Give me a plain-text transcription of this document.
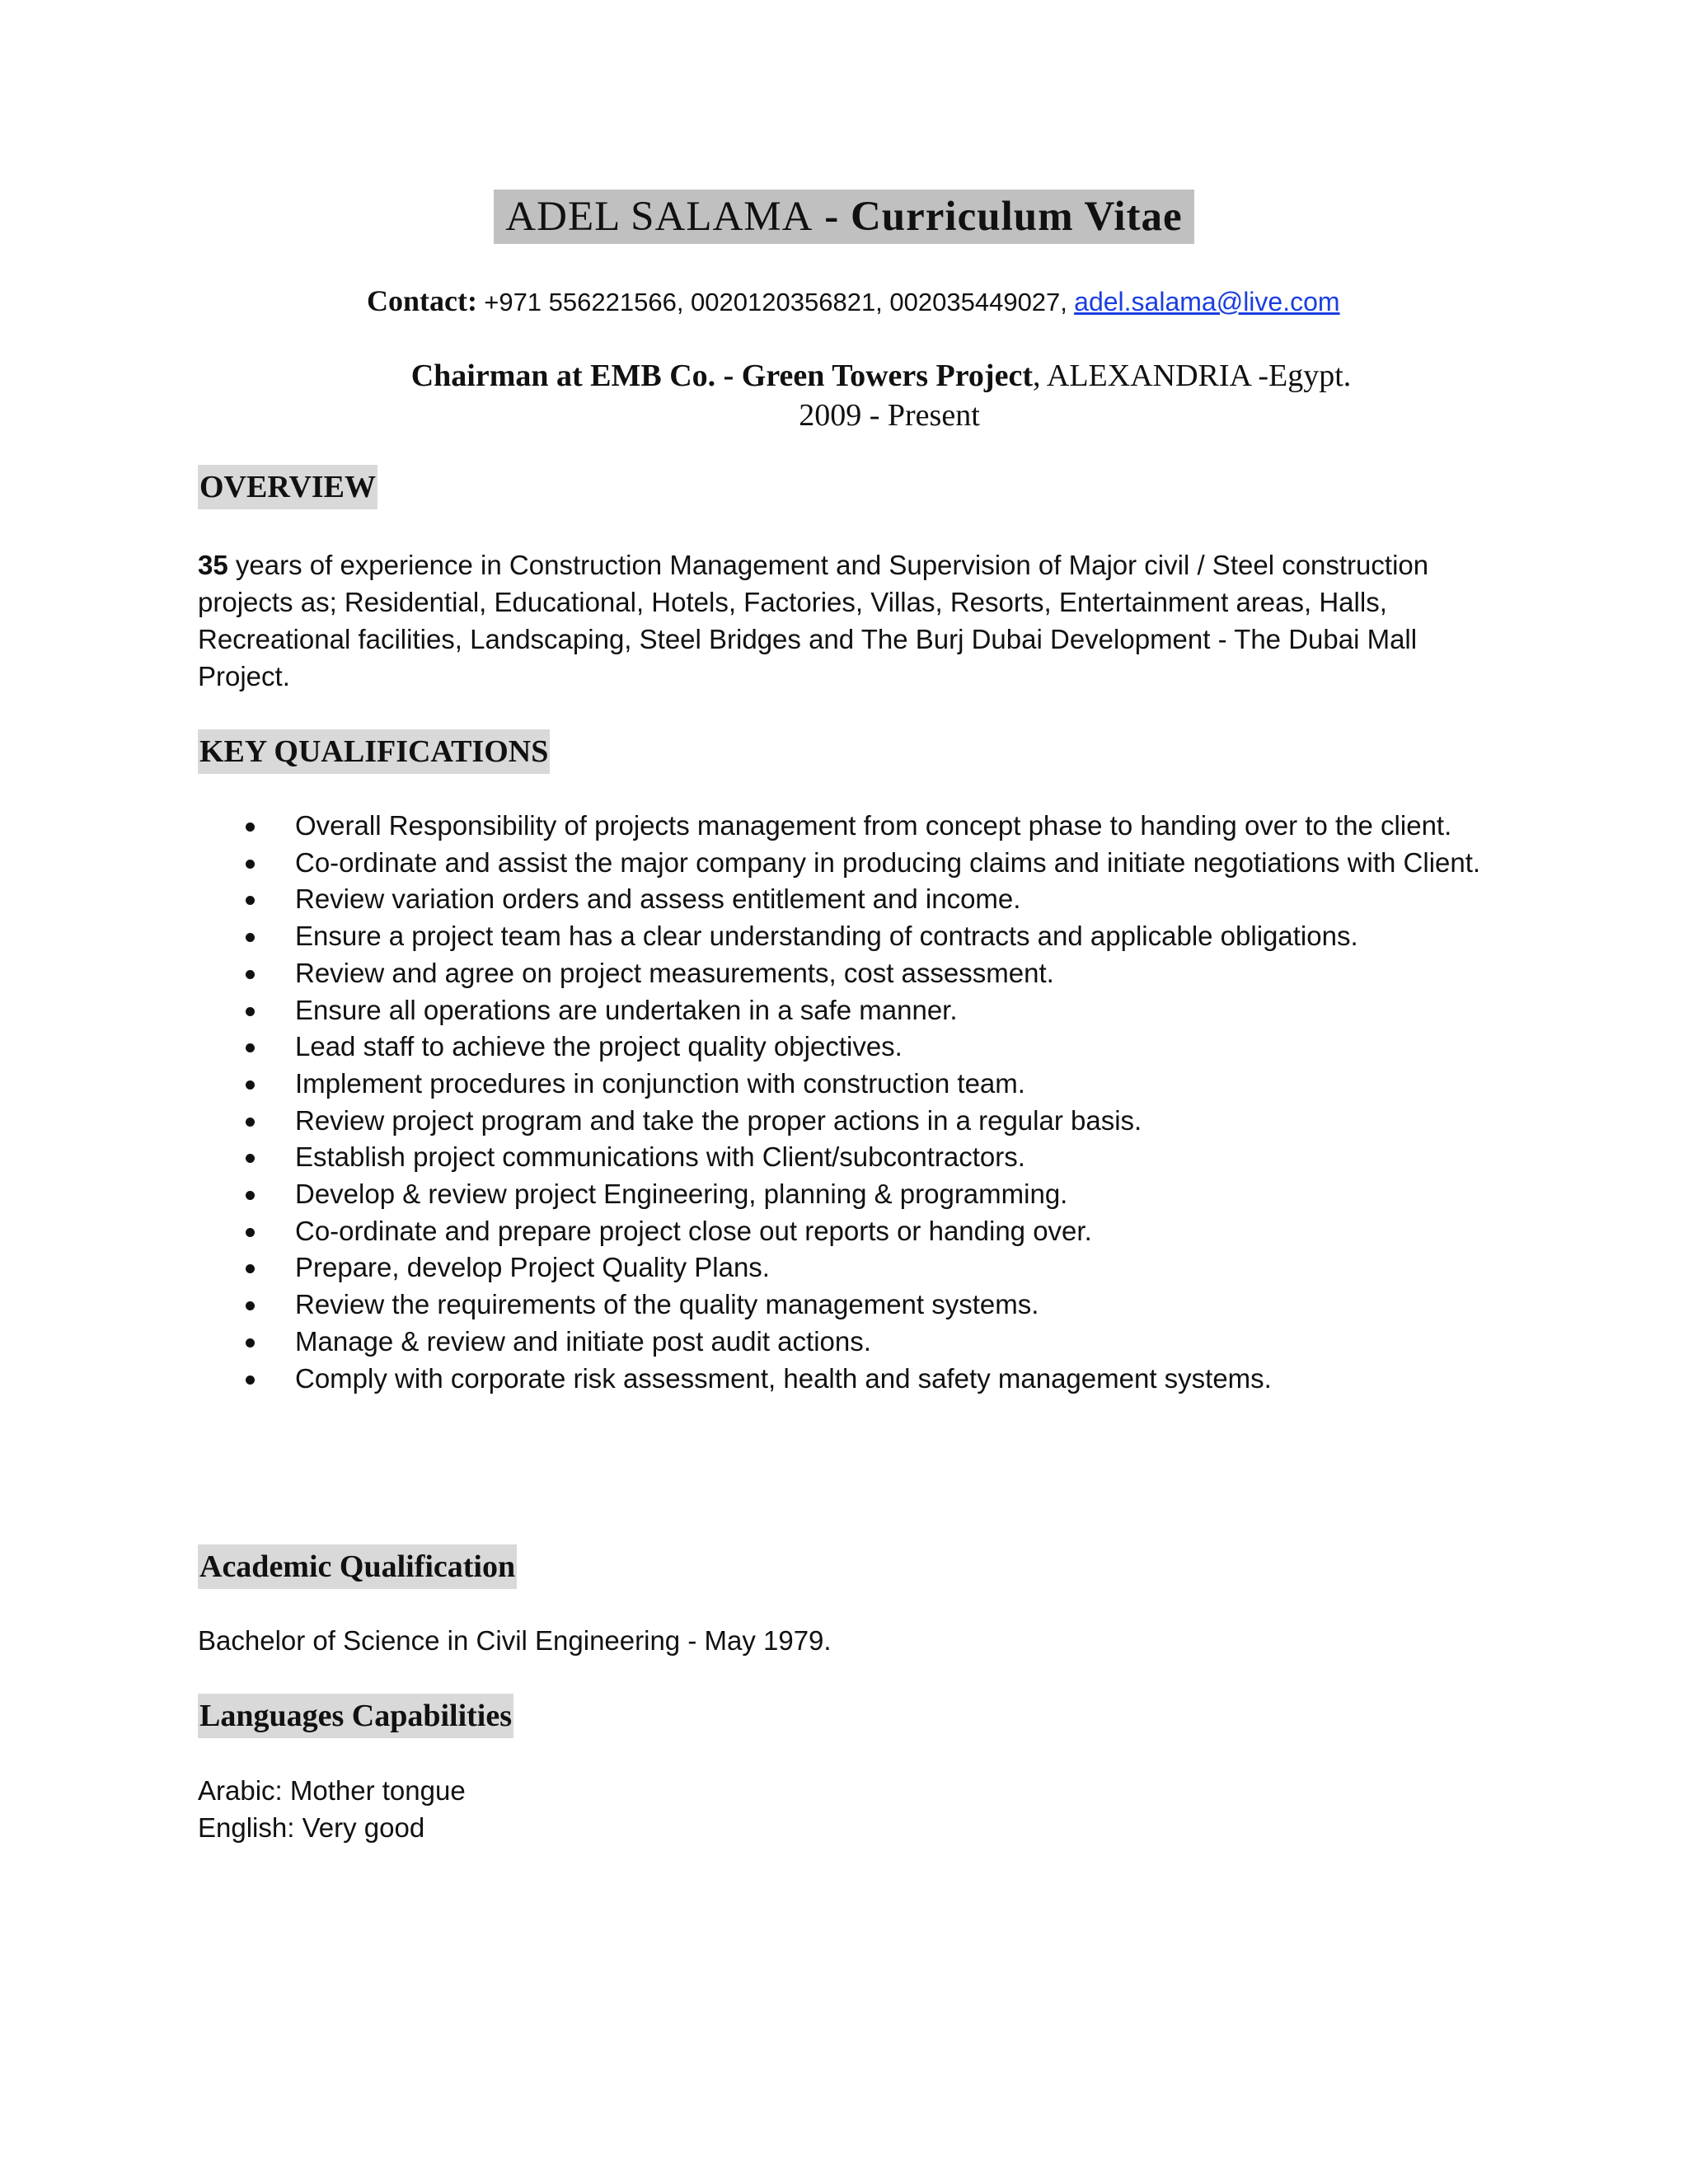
ADEL SALAMA - Curriculum Vitae
Contact: +971 556221566, 0020120356821, 002035449027, adel.salama@live.com
Chairman at EMB Co. - Green Towers Project, ALEXANDRIA -Egypt.
2009 - Present
OVERVIEW
35 years of experience in Construction Management and Supervision of Major civil / Steel construction projects as; Residential, Educational, Hotels, Factories, Villas, Resorts, Entertainment areas, Halls, Recreational facilities, Landscaping, Steel Bridges and The Burj Dubai Development - The Dubai Mall Project.
KEY QUALIFICATIONS
Overall Responsibility of projects management from concept phase to handing over to the client.
Co-ordinate and assist the major company in producing claims and initiate negotiations with Client.
Review variation orders and assess entitlement and income.
Ensure a project team has a clear understanding of contracts and applicable obligations.
Review and agree on project measurements, cost assessment.
Ensure all operations are undertaken in a safe manner.
Lead staff to achieve the project quality objectives.
Implement procedures in conjunction with construction team.
Review project program and take the proper actions in a regular basis.
Establish project communications with Client/subcontractors.
Develop & review project Engineering, planning & programming.
Co-ordinate and prepare project close out reports or handing over.
Prepare, develop Project Quality Plans.
Review the requirements of the quality management systems.
Manage & review and initiate post audit actions.
Comply with corporate risk assessment, health and safety management systems.
Academic Qualification
Bachelor of Science in Civil Engineering - May 1979.
Languages Capabilities
Arabic: Mother tongue
English: Very good
